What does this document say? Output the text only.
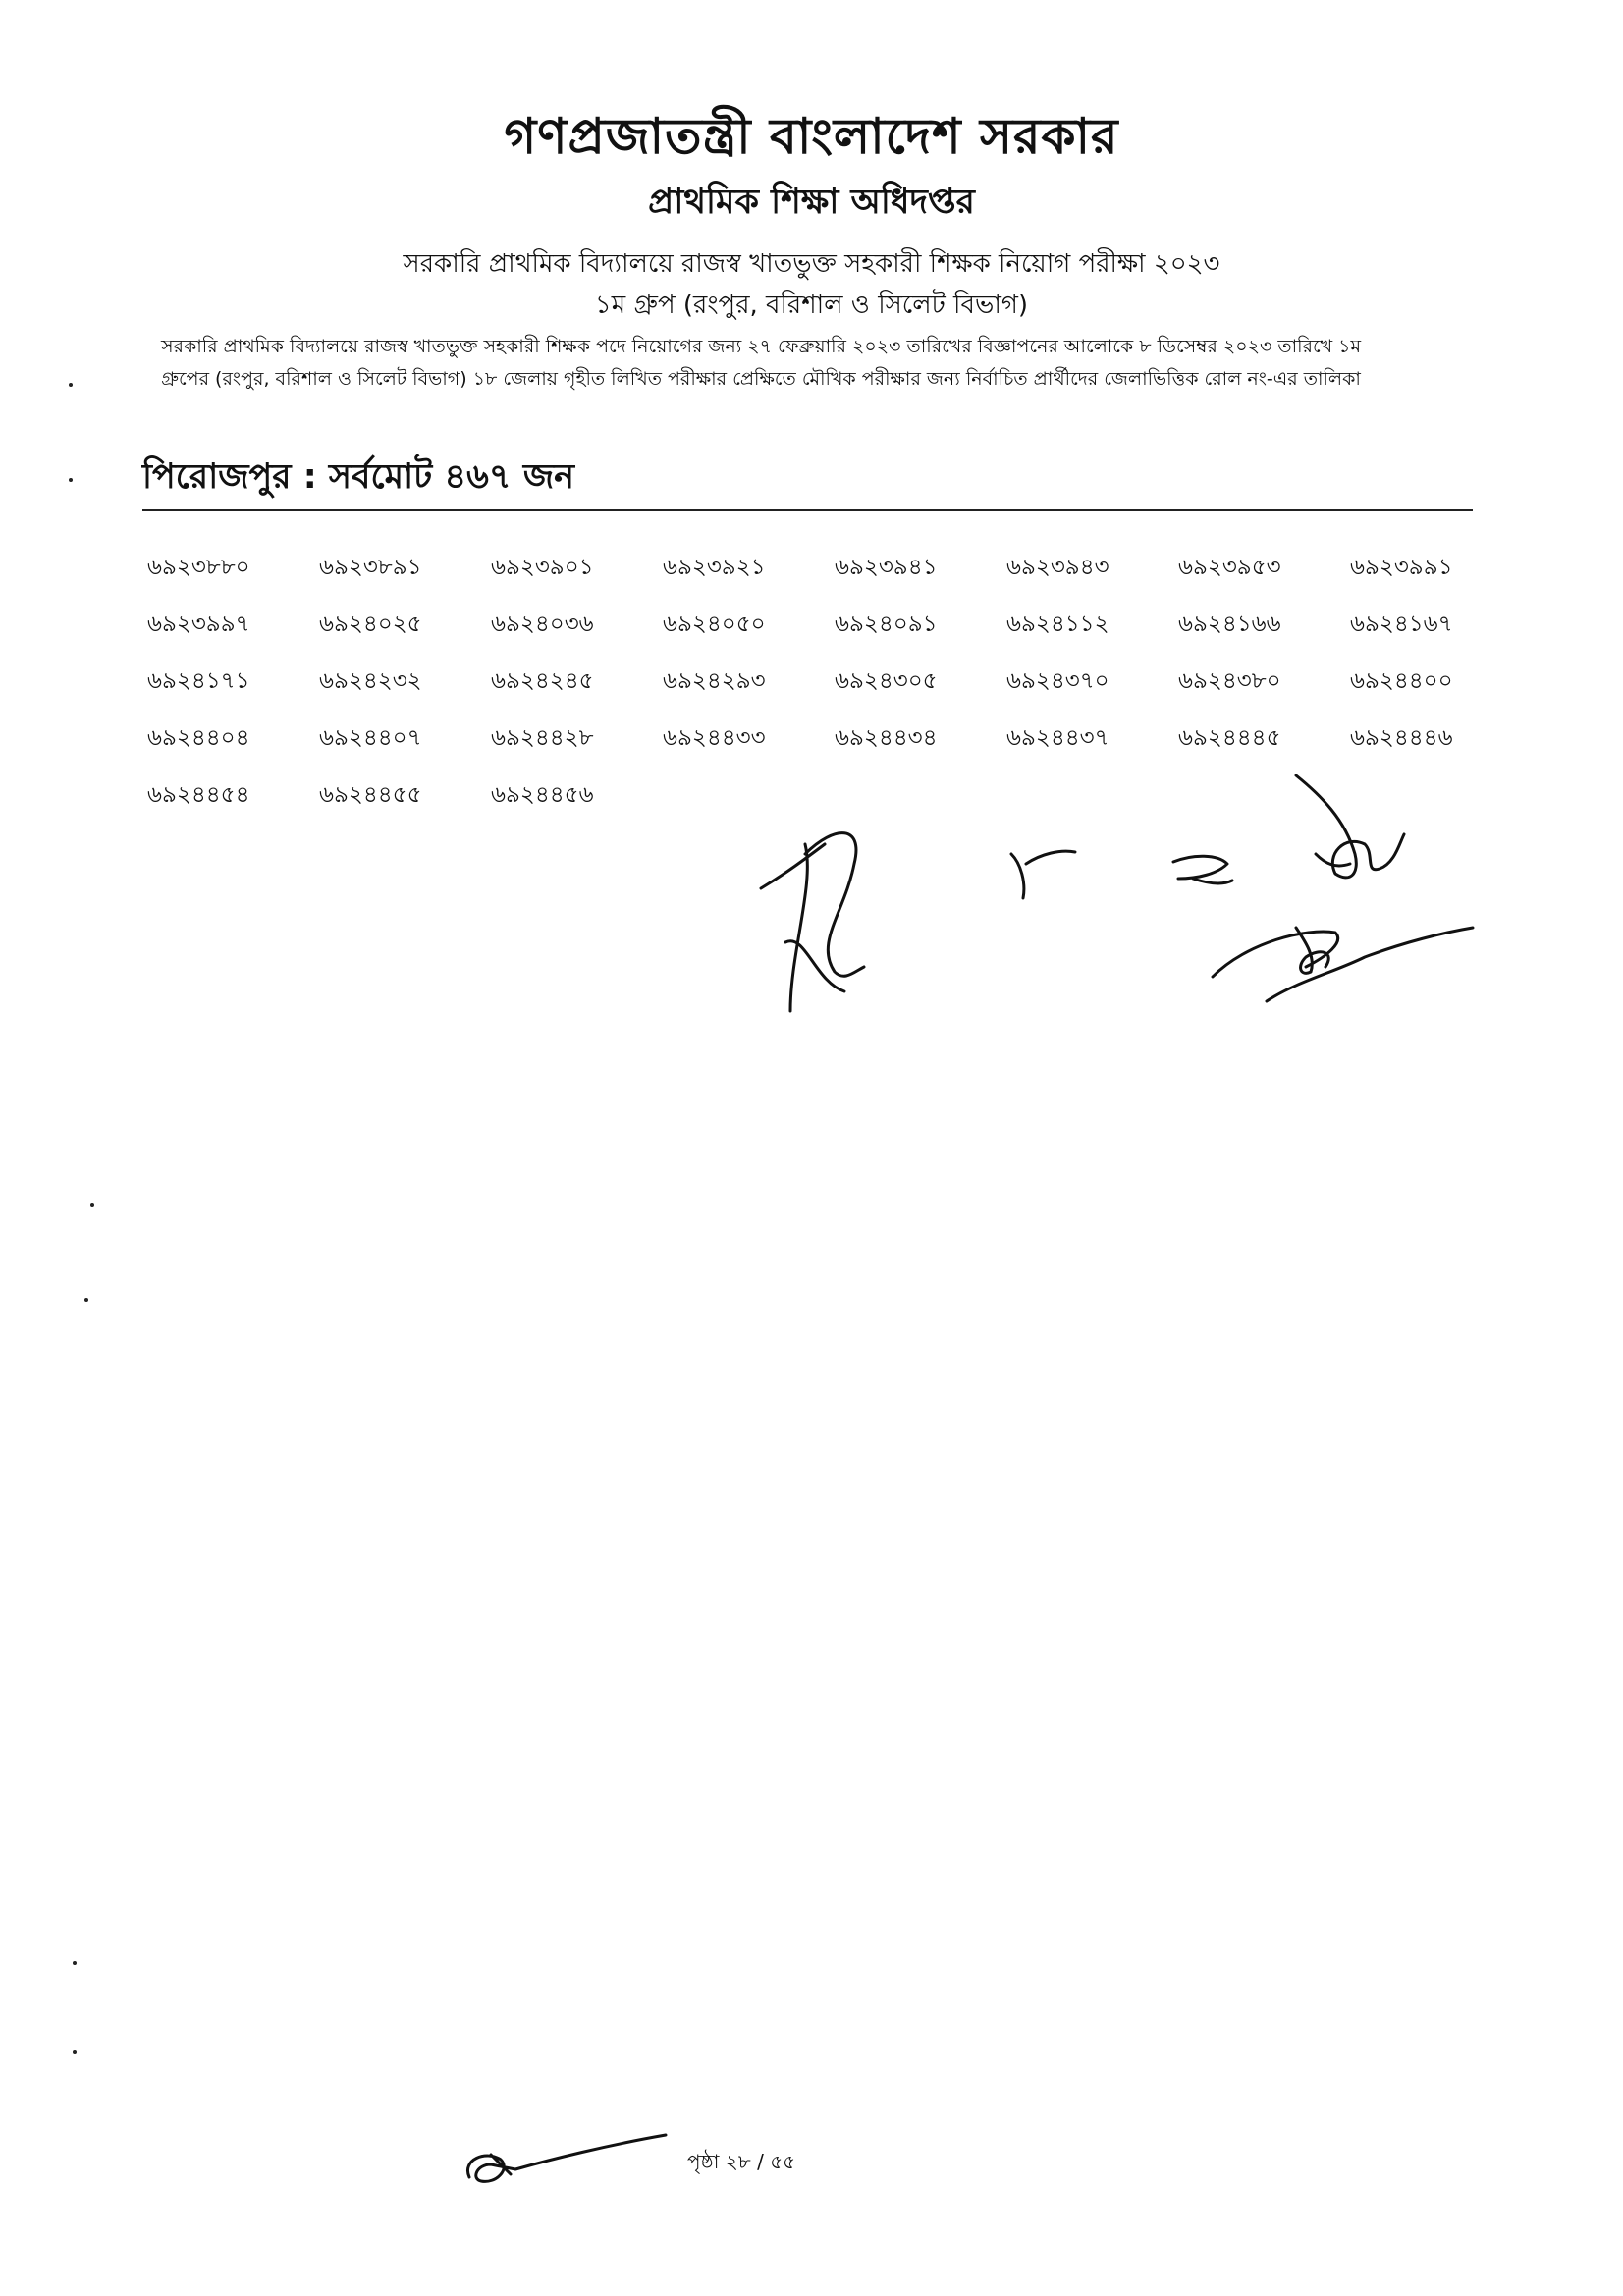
গণপ্রজাতন্ত্রী বাংলাদেশ সরকার
প্রাথমিক শিক্ষা অধিদপ্তর
সরকারি প্রাথমিক বিদ্যালয়ে রাজস্ব খাতভুক্ত সহকারী শিক্ষক নিয়োগ পরীক্ষা ২০২৩
১ম গ্রুপ (রংপুর, বরিশাল ও সিলেট বিভাগ)
সরকারি প্রাথমিক বিদ্যালয়ে রাজস্ব খাতভুক্ত সহকারী শিক্ষক পদে নিয়োগের জন্য ২৭ ফেব্রুয়ারি ২০২৩ তারিখের বিজ্ঞাপনের আলোকে ৮ ডিসেম্বর ২০২৩ তারিখে ১ম গ্রুপের (রংপুর, বরিশাল ও সিলেট বিভাগ) ১৮ জেলায় গৃহীত লিখিত পরীক্ষার প্রেক্ষিতে মৌখিক পরীক্ষার জন্য নির্বাচিত প্রার্থীদের জেলাভিত্তিক রোল নং-এর তালিকা
পিরোজপুর : সর্বমোট ৪৬৭ জন
৬৯২৩৮৮০	৬৯২৩৮৯১	৬৯২৩৯০১	৬৯২৩৯২১	৬৯২৩৯৪১	৬৯২৩৯৪৩	৬৯২৩৯৫৩	৬৯২৩৯৯১
৬৯২৩৯৯৭	৬৯২৪০২৫	৬৯২৪০৩৬	৬৯২৪০৫০	৬৯২৪০৯১	৬৯২৪১১২	৬৯২৪১৬৬	৬৯২৪১৬৭
৬৯২৪১৭১	৬৯২৪২৩২	৬৯২৪২৪৫	৬৯২৪২৯৩	৬৯২৪৩০৫	৬৯২৪৩৭০	৬৯২৪৩৮০	৬৯২৪৪০০
৬৯২৪৪০৪	৬৯২৪৪০৭	৬৯২৪৪২৮	৬৯২৪৪৩৩	৬৯২৪৪৩৪	৬৯২৪৪৩৭	৬৯২৪৪৪৫	৬৯২৪৪৪৬
৬৯২৪৪৫৪	৬৯২৪৪৫৫	৬৯২৪৪৫৬
পৃষ্ঠা ২৮ / ৫৫
